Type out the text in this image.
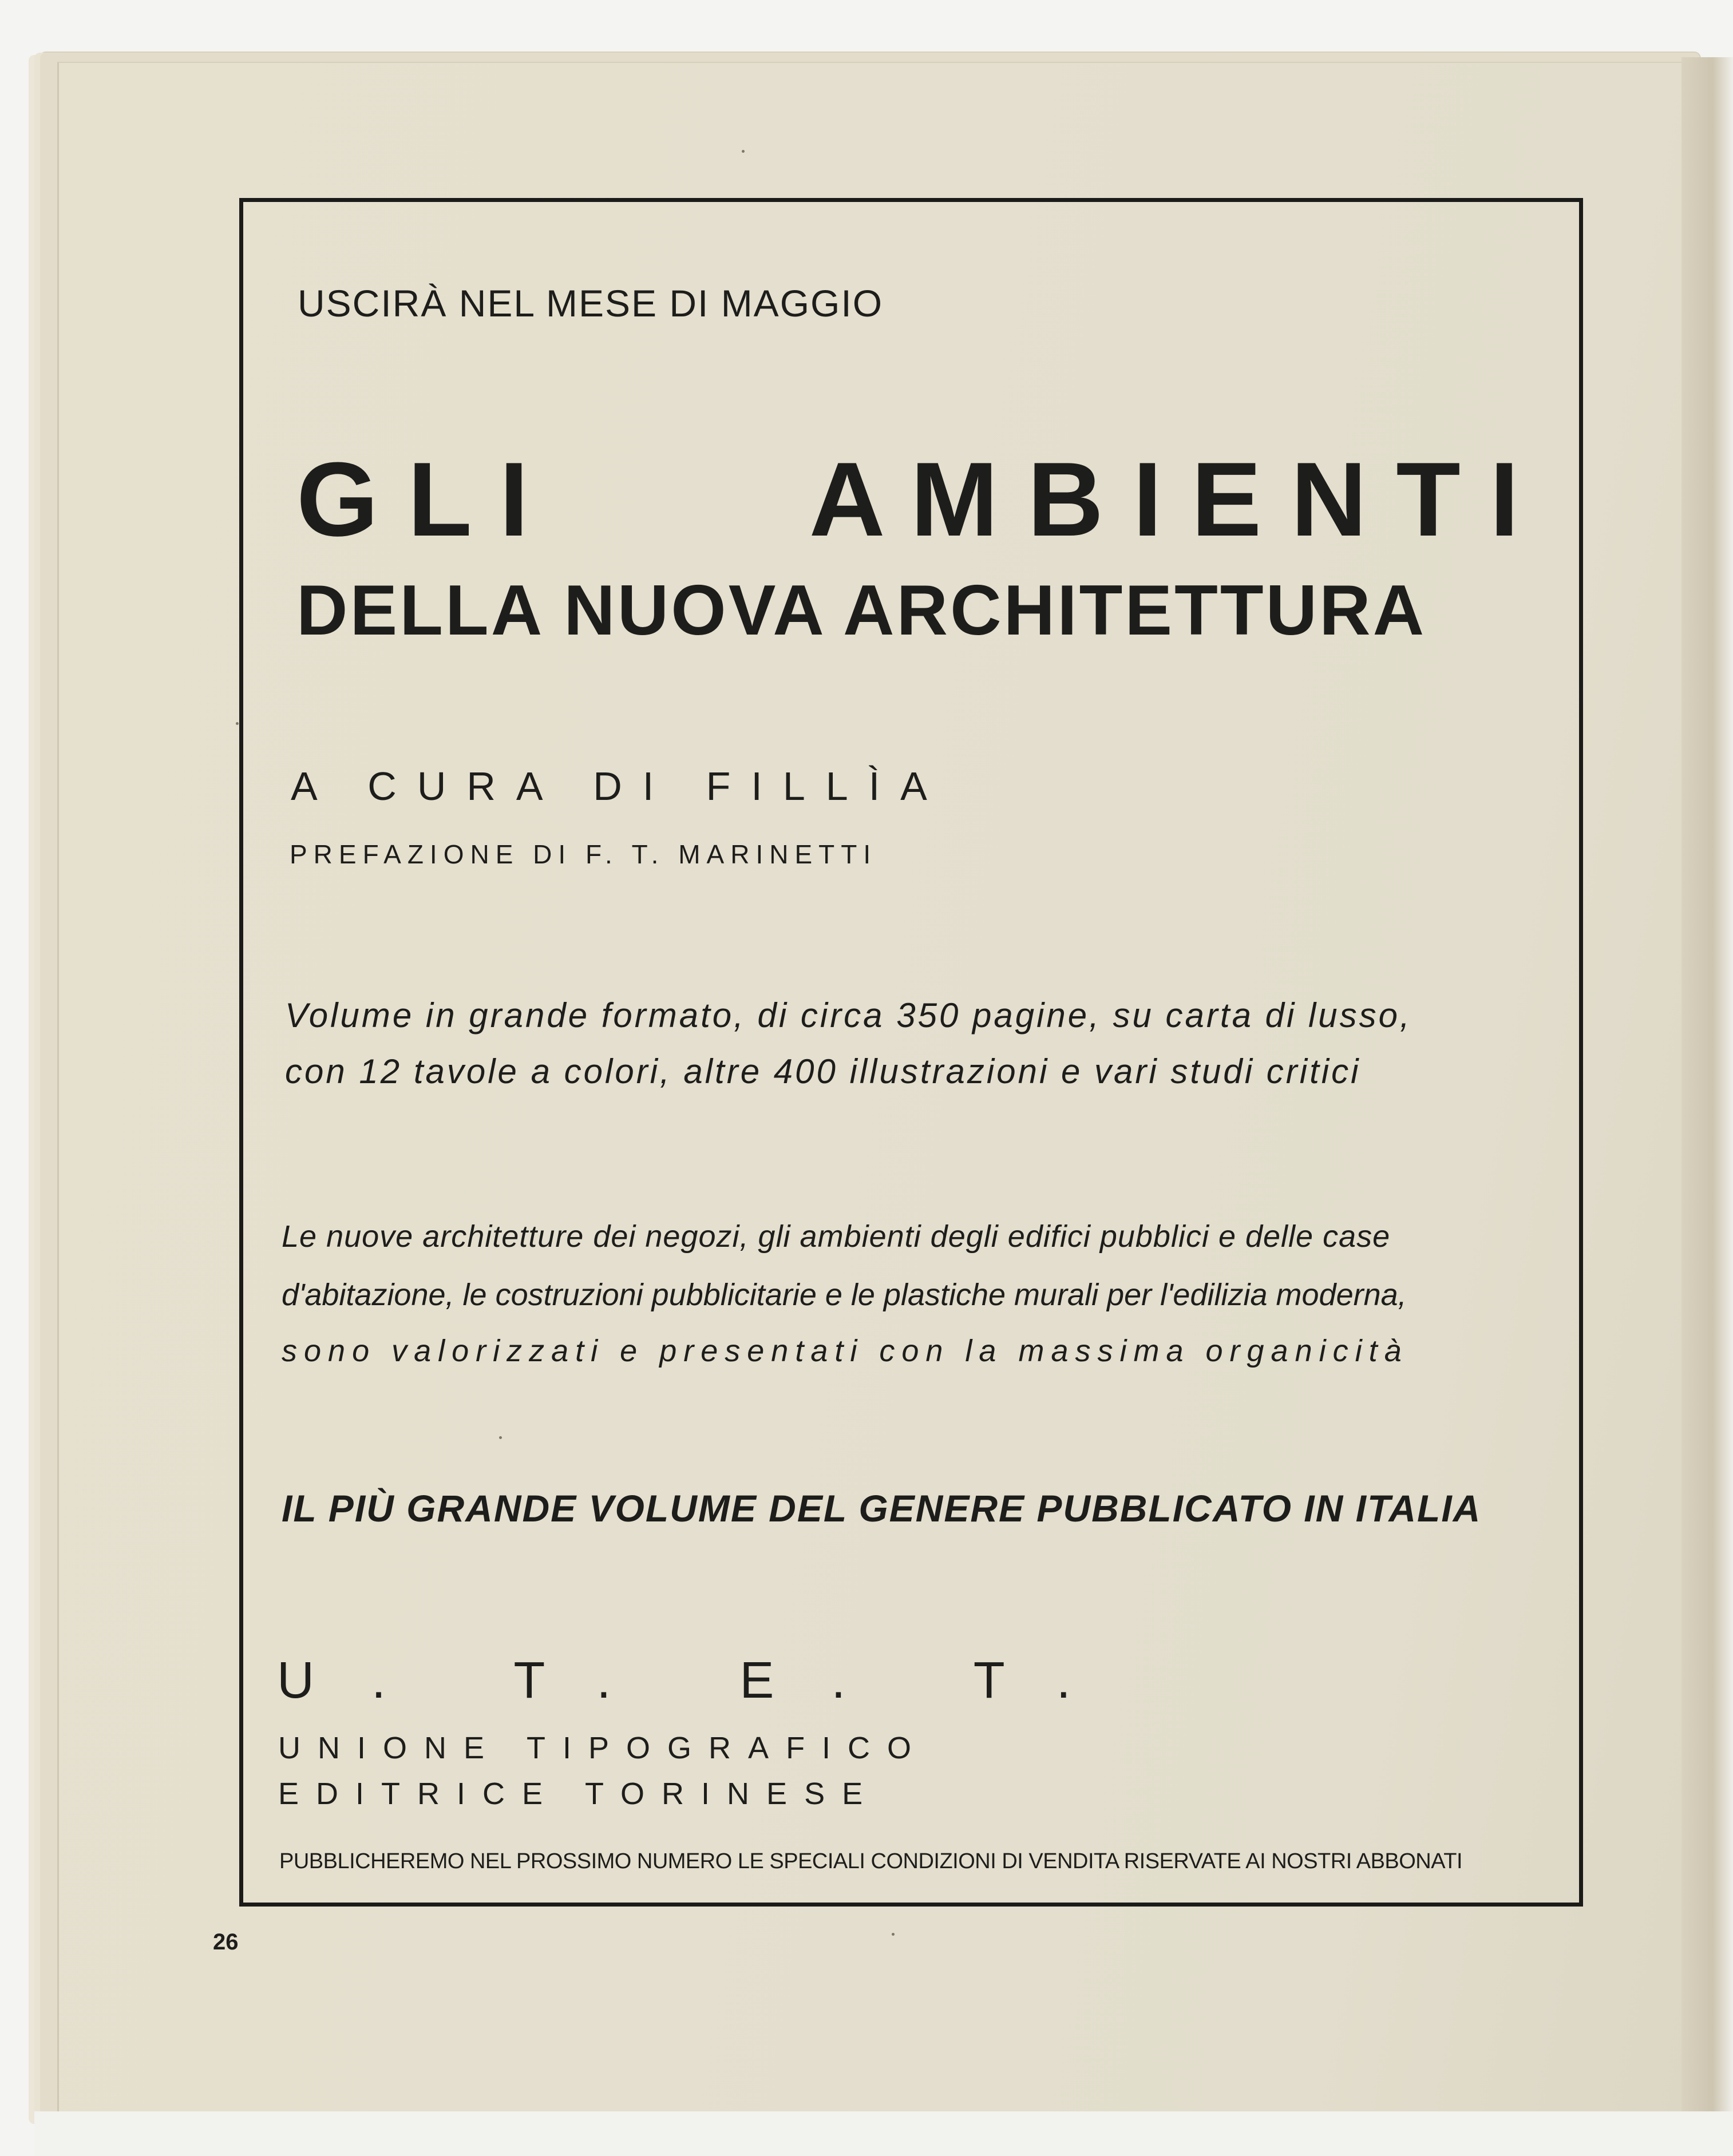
USCIRÀ NEL MESE DI MAGGIO

G L I	A M B I E N T I

DELLA NUOVA ARCHITETTURA

A CURA DI FILLÌA

PREFAZIONE DI F. T. MARINETTI

Volume in grande formato, di circa 350 pagine, su carta di lusso,

con 12 tavole a colori, altre 400 illustrazioni e vari studi critici

Le nuove architetture dei negozi, gli ambienti degli edifici pubblici e delle case

d'abitazione, le costruzioni pubblicitarie e le plastiche murali per l'edilizia moderna,

sono valorizzati e presentati con la massima organicità

IL PIÙ GRANDE VOLUME DEL GENERE PUBBLICATO IN ITALIA

U. T. E. T.

UNIONE TIPOGRAFICO

EDITRICE TORINESE

PUBBLICHEREMO NEL PROSSIMO NUMERO LE SPECIALI CONDIZIONI DI VENDITA RISERVATE AI NOSTRI ABBONATI

26
